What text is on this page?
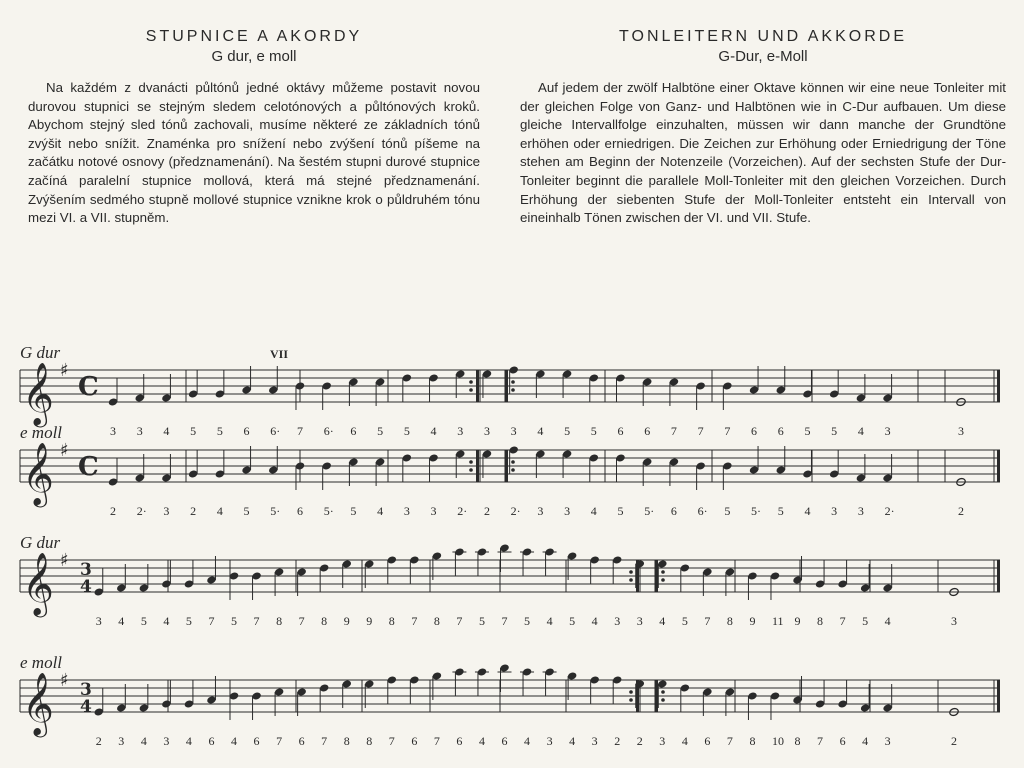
STUPNICE A AKORDY
G dur, e moll

Na každém z dvanácti půltónů jedné oktávy můžeme postavit novou durovou stupnici se stejným sledem celotónových a půltónových kroků. Abychom stejný sled tónů zachovali, musíme některé ze základních tónů zvýšit nebo snížit. Znaménka pro snížení nebo zvýšení tónů píšeme na začátku notové osnovy (předznamenání). Na šestém stupni durové stupnice začíná paralelní stupnice mollová, která má stejné předznamenání. Zvýšením sedmého stupně mollové stupnice vznikne krok o půldruhém tónu mezi VI. a VII. stupněm.

TONLEITERN UND AKKORDE
G-Dur, e-Moll

Auf jedem der zwölf Halbtöne einer Oktave können wir eine neue Tonleiter mit der gleichen Folge von Ganz- und Halbtönen wie in C-Dur aufbauen. Um diese gleiche Intervallfolge einzuhalten, müssen wir dann manche der Grundtöne erhöhen oder erniedrigen. Die Zeichen zur Erhöhung oder Erniedrigung der Töne stehen am Beginn der Notenzeile (Vorzeichen). Auf der sechsten Stufe der Dur-Tonleiter beginnt die parallele Moll-Tonleiter mit den gleichen Vorzeichen. Durch Erhöhung der siebenten Stufe der Moll-Tonleiter entsteht ein Intervall von eineinhalb Tönen zwischen der VI. und VII. Stufe.

G dur
𝄞 ♯
C
3 3 4 5 5 6 6· 7 6· 6 5 5 4 3 3 3 4 5 5 6 6 7 7 7 6 6 5 5 4 3	3
VII
e moll
𝄞 ♯
C
2 2· 3 2 4 5 5· 6 5· 5 4 3 3 2· 2 2· 3 3 4 5 5· 6 6· 5 5· 5 4 3 3 2·	2
G dur
𝄞 ♯ 3
4
3 4 5 4 5 7 5 7 8 7 8 9 9 8 7 8 7 5 7 5 4 5 4 3 3 4 5 7 8 9 11 9 8 7 5 4	3
e moll
𝄞 ♯ 3
4
2 3 4 3 4 6 4 6 7 6 7 8 8 7 6 7 6 4 6 4 3 4 3 2 2 3 4 6 7 8 10 8 7 6 4 3	2
